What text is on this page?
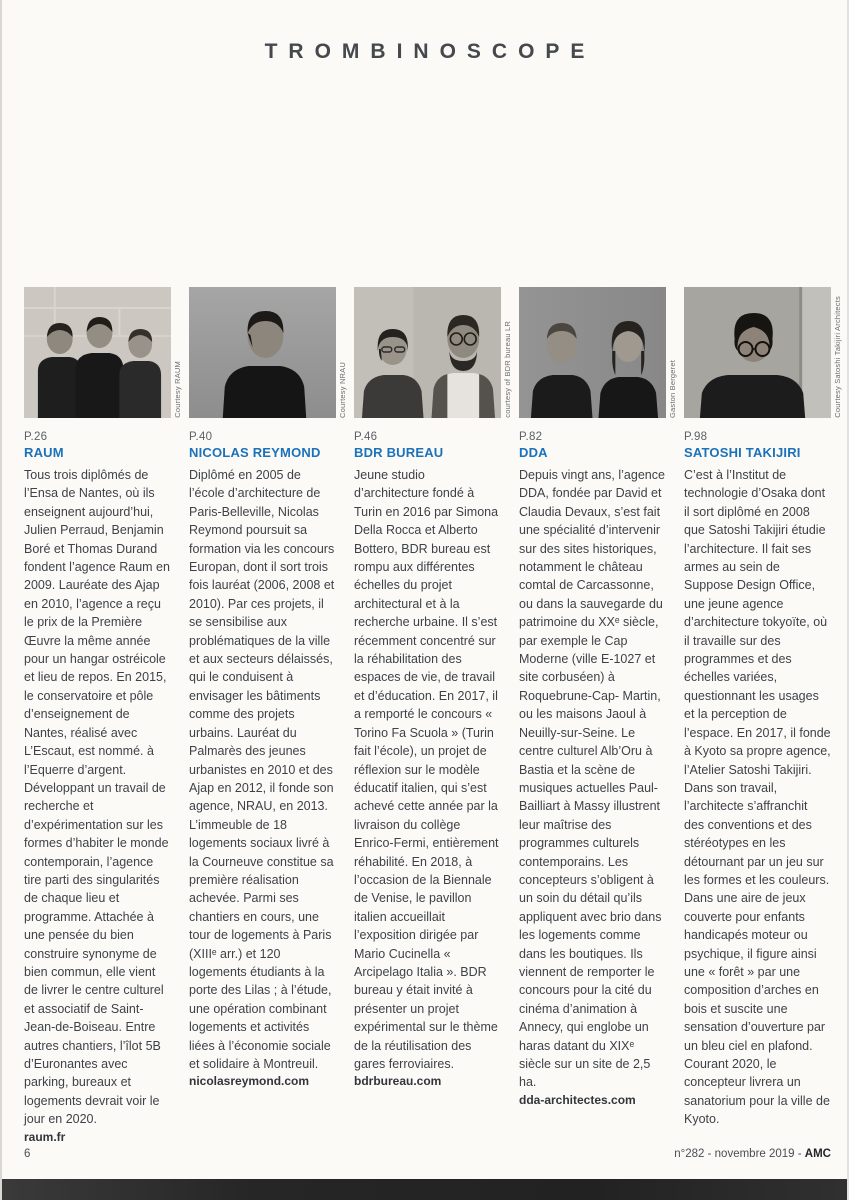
TROMBINOSCOPE
Courtesy RAUM
P.26
RAUM
Tous trois diplômés de l’Ensa de Nantes, où ils enseignent aujourd’hui, Julien Perraud, Benjamin Boré et Thomas Durand fondent l’agence Raum en 2009. Lauréate des Ajap en 2010, l’agence a reçu le prix de la Première Œuvre la même année pour un hangar ostréicole et lieu de repos. En 2015, le conservatoire et pôle d’enseignement de Nantes, réalisé avec L’Escaut, est nommé. à l’Equerre d’argent. Développant un travail de recherche et d’expérimentation sur les formes d’habiter le monde contemporain, l’agence tire parti des singularités de chaque lieu et programme. Attachée à une pensée du bien construire synonyme de bien commun, elle vient de livrer le centre culturel et associatif de Saint-Jean-de-Boiseau. Entre autres chantiers, l’îlot 5B d’Euronantes avec parking, bureaux et logements devrait voir le jour en 2020.
raum.fr
Courtesy NRAU
P.40
NICOLAS REYMOND
Diplômé en 2005 de l’école d’architecture de Paris-Belleville, Nicolas Reymond poursuit sa formation via les concours Europan, dont il sort trois fois lauréat (2006, 2008 et 2010). Par ces projets, il se sensibilise aux problématiques de la ville et aux secteurs délaissés, qui le conduisent à envisager les bâtiments comme des projets urbains. Lauréat du Palmarès des jeunes urbanistes en 2010 et des Ajap en 2012, il fonde son agence, NRAU, en 2013. L’immeuble de 18 logements sociaux livré à la Courneuve constitue sa première réalisation achevée. Parmi ses chantiers en cours, une tour de logements à Paris (XIIIᵉ arr.) et 120 logements étudiants à la porte des Lilas ; à l’étude, une opération combinant logements et activités liées à l’économie sociale et solidaire à Montreuil.
nicolasreymond.com
courtesy of BDR bureau LR
P.46
BDR BUREAU
Jeune studio d’architecture fondé à Turin en 2016 par Simona Della Rocca et Alberto Bottero, BDR bureau est rompu aux différentes échelles du projet architectural et à la recherche urbaine. Il s’est récemment concentré sur la réhabilitation des espaces de vie, de travail et d’éducation. En 2017, il a remporté le concours « Torino Fa Scuola » (Turin fait l’école), un projet de réflexion sur le modèle éducatif italien, qui s’est achevé cette année par la livraison du collège Enrico-Fermi, entièrement réhabilité. En 2018, à l’occasion de la Biennale de Venise, le pavillon italien accueillait l’exposition dirigée par Mario Cucinella « Arcipelago Italia ». BDR bureau y était invité à présenter un projet expérimental sur le thème de la réutilisation des gares ferroviaires.
bdrbureau.com
Gaston Bergeret
P.82
DDA
Depuis vingt ans, l’agence DDA, fondée par David et Claudia Devaux, s’est fait une spécialité d’intervenir sur des sites historiques, notamment le château comtal de Carcassonne, ou dans la sauvegarde du patrimoine du XXᵉ siècle, par exemple le Cap Moderne (ville E-1027 et site corbuséen) à Roquebrune-Cap- Martin, ou les maisons Jaoul à Neuilly-sur-Seine. Le centre culturel Alb’Oru à Bastia et la scène de musiques actuelles Paul-Bailliart à Massy illustrent leur maîtrise des programmes culturels contemporains. Les concepteurs s’obligent à un soin du détail qu’ils appliquent avec brio dans les logements comme dans les boutiques. Ils viennent de remporter le concours pour la cité du cinéma d’animation à Annecy, qui englobe un haras datant du XIXᵉ siècle sur un site de 2,5 ha.
dda-architectes.com
Courtesy Satoshi Takijiri Architects
P.98
SATOSHI TAKIJIRI
C’est à l’Institut de technologie d’Osaka dont il sort diplômé en 2008 que Satoshi Takijiri étudie l’architecture. Il fait ses armes au sein de Suppose Design Office, une jeune agence d’architecture tokyoïte, où il travaille sur des programmes et des échelles variées, questionnant les usages et la perception de l’espace. En 2017, il fonde à Kyoto sa propre agence, l’Atelier Satoshi Takijiri. Dans son travail, l’architecte s’affranchit des conventions et des stéréotypes en les détournant par un jeu sur les formes et les couleurs. Dans une aire de jeux couverte pour enfants handicapés moteur ou psychique, il figure ainsi une « forêt » par une composition d’arches en bois et suscite une sensation d’ouverture par un bleu ciel en plafond. Courant 2020, le concepteur livrera un sanatorium pour la ville de Kyoto.
6	n°282 - novembre 2019 - AMC
